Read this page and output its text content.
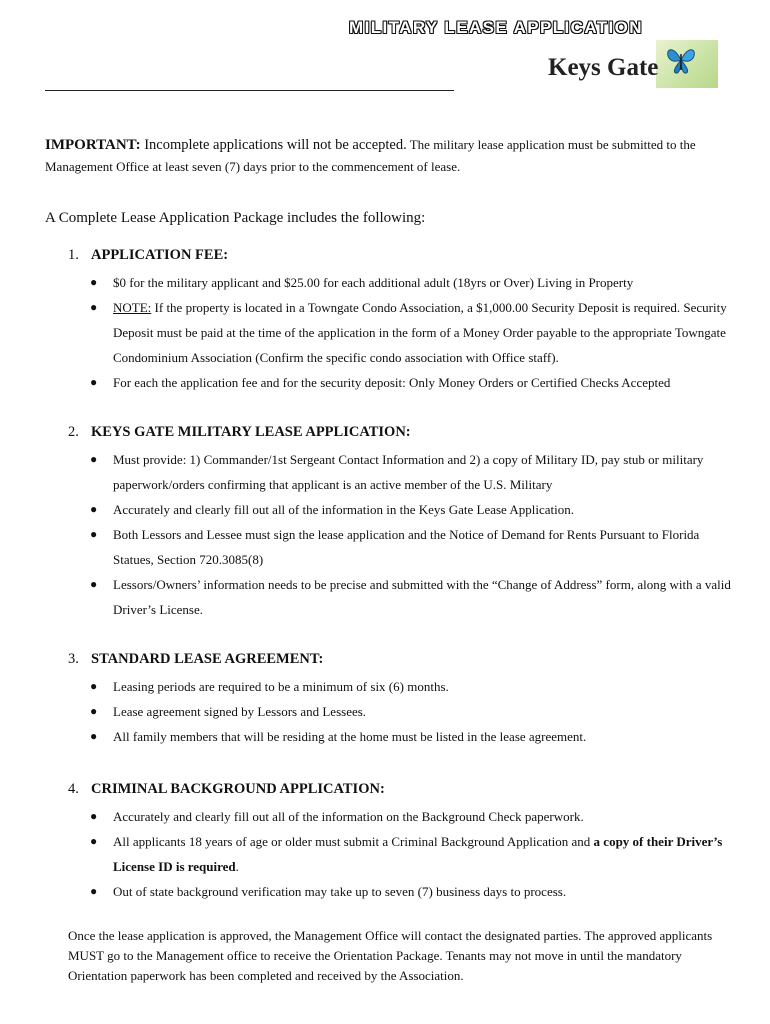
MILITARY LEASE APPLICATION
Keys Gate
IMPORTANT: Incomplete applications will not be accepted. The military lease application must be submitted to the Management Office at least seven (7) days prior to the commencement of lease.
A Complete Lease Application Package includes the following:
1. APPLICATION FEE:
● $0 for the military applicant and $25.00 for each additional adult (18yrs or Over) Living in Property
● NOTE: If the property is located in a Towngate Condo Association, a $1,000.00 Security Deposit is required. Security Deposit must be paid at the time of the application in the form of a Money Order payable to the appropriate Towngate Condominium Association (Confirm the specific condo association with Office staff).
● For each the application fee and for the security deposit: Only Money Orders or Certified Checks Accepted
2. KEYS GATE MILITARY LEASE APPLICATION:
● Must provide: 1) Commander/1st Sergeant Contact Information and 2) a copy of Military ID, pay stub or military paperwork/orders confirming that applicant is an active member of the U.S. Military
● Accurately and clearly fill out all of the information in the Keys Gate Lease Application.
● Both Lessors and Lessee must sign the lease application and the Notice of Demand for Rents Pursuant to Florida Statues, Section 720.3085(8)
● Lessors/Owners’ information needs to be precise and submitted with the “Change of Address” form, along with a valid Driver’s License.
3. STANDARD LEASE AGREEMENT:
● Leasing periods are required to be a minimum of six (6) months.
● Lease agreement signed by Lessors and Lessees.
● All family members that will be residing at the home must be listed in the lease agreement.
4. CRIMINAL BACKGROUND APPLICATION:
● Accurately and clearly fill out all of the information on the Background Check paperwork.
● All applicants 18 years of age or older must submit a Criminal Background Application and a copy of their Driver’s License ID is required.
● Out of state background verification may take up to seven (7) business days to process.
Once the lease application is approved, the Management Office will contact the designated parties. The approved applicants MUST go to the Management office to receive the Orientation Package. Tenants may not move in until the mandatory Orientation paperwork has been completed and received by the Association.
